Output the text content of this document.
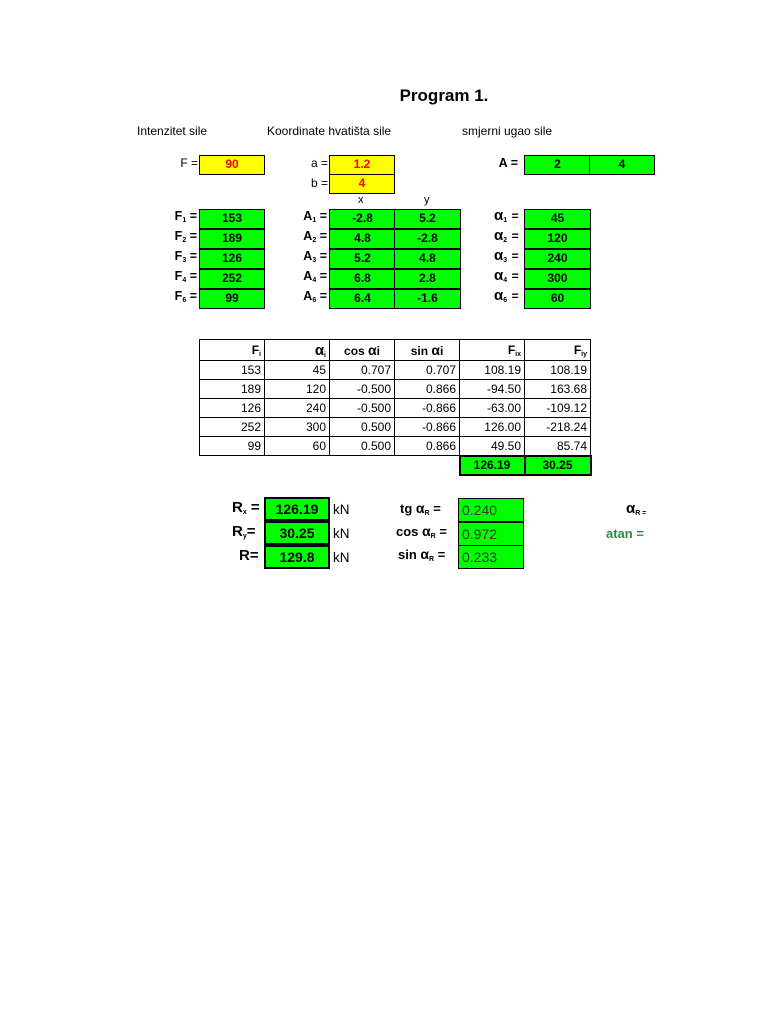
Program 1.
Intenzitet sile	Koordinate hvatišta sile	smjerni ugao sile
F =	90	a =	1.2
b =	4
A =	2	4
x	y
$F_1$ =	153	$A_1$ =	-2.8	5.2	$\alpha_1$ =	45
$F_2$ =	189	$A_2$ =	4.8	-2.8	$\alpha_2$ =	120
$F_3$ =	126	$A_3$ =	5.2	4.8	$\alpha_3$ =	240
$F_4$ =	252	$A_4$ =	6.8	2.8	$\alpha_4$ =	300
$F_6$ =	99	$A_6$ =	6.4	-1.6	$\alpha_6$ =	60
$F_i$	$\alpha_i$	cos αi	sin αi	$F_{ix}$	$F_{iy}$
153	45	0.707	0.707	108.19	108.19
189	120	-0.500	0.866	-94.50	163.68
126	240	-0.500	-0.866	-63.00	-109.12
252	300	0.500	-0.866	126.00	-218.24
99	60	0.500	0.866	49.50	85.74
				126.19	30.25
$R_x$ =	126.19	kN
$R_y=$	30.25	kN
R=	129.8	kN
tg $\alpha_R = 0.240$
$\cos \alpha_R = 0.972$
$\sin \alpha_R = 0.233$
$\alpha_{R =}$
atan =
